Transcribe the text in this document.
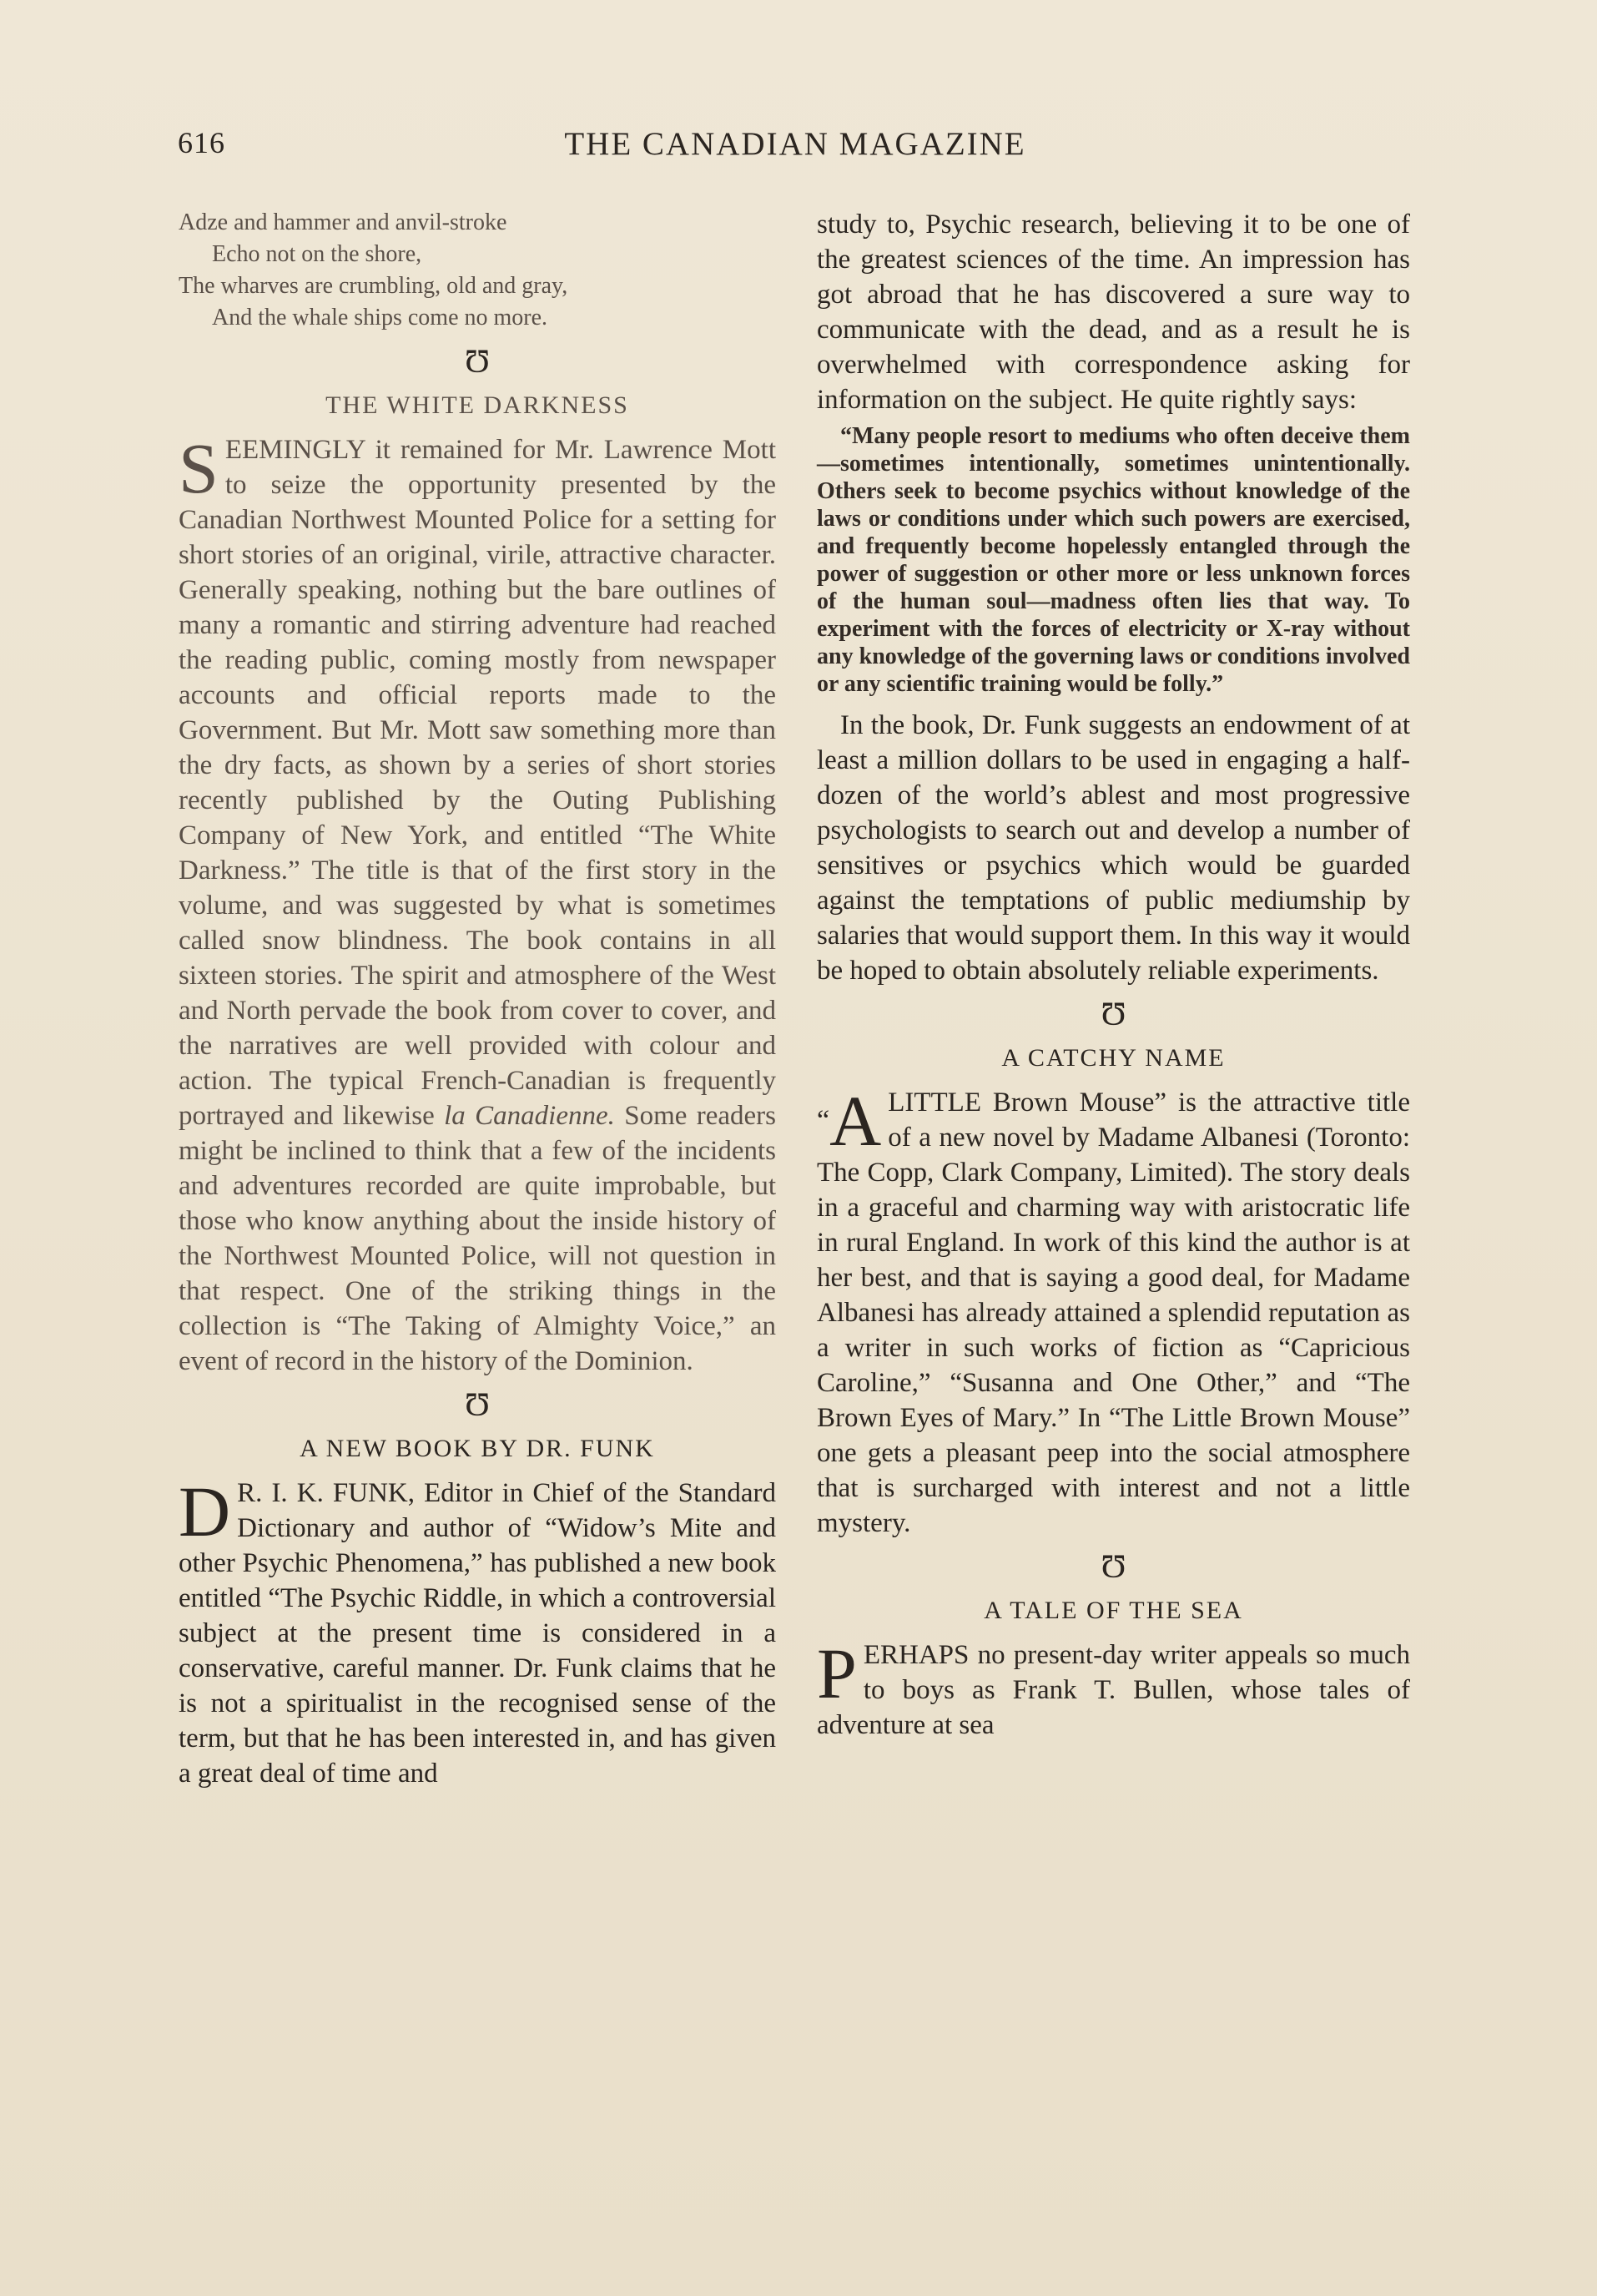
616	THE CANADIAN MAGAZINE
Adze and hammer and anvil-stroke
Echo not on the shore,
The wharves are crumbling, old and gray,
And the whale ships come no more.
Ʊ
THE WHITE DARKNESS

SEEMINGLY it remained for Mr. Lawrence Mott to seize the opportunity presented by the Canadian Northwest Mounted Police for a setting for short stories of an original, virile, attractive character. Generally speaking, nothing but the bare outlines of many a romantic and stirring adventure had reached the reading public, coming mostly from newspaper accounts and official reports made to the Government. But Mr. Mott saw something more than the dry facts, as shown by a series of short stories recently published by the Outing Publishing Company of New York, and entitled “The White Darkness.” The title is that of the first story in the volume, and was suggested by what is sometimes called snow blindness. The book contains in all sixteen stories. The spirit and atmosphere of the West and North pervade the book from cover to cover, and the narratives are well provided with colour and action. The typical French-Canadian is frequently portrayed and likewise la Canadienne. Some readers might be inclined to think that a few of the incidents and adventures recorded are quite improbable, but those who know anything about the inside history of the Northwest Mounted Police, will not question in that respect. One of the striking things in the collection is “The Taking of Almighty Voice,” an event of record in the history of the Dominion.

Ʊ
A NEW BOOK BY DR. FUNK

D R. I. K. FUNK, Editor in Chief of the Standard Dictionary and author of “Widow’s Mite and other Psychic Phenomena,” has published a new book entitled “The Psychic Riddle, in which a controversial subject at the present time is considered in a conservative, careful manner. Dr. Funk claims that he is not a spiritualist in the recognised sense of the term, but that he has been interested in, and has given a great deal of time and

study to, Psychic research, believing it to be one of the greatest sciences of the time. An impression has got abroad that he has discovered a sure way to communicate with the dead, and as a result he is overwhelmed with correspondence asking for information on the subject. He quite rightly says:

“Many people resort to mediums who often deceive them—sometimes intentionally, sometimes unintentionally. Others seek to become psychics without knowledge of the laws or conditions under which such powers are exercised, and frequently become hopelessly entangled through the power of suggestion or other more or less unknown forces of the human soul—madness often lies that way. To experiment with the forces of electricity or X-ray without any knowledge of the governing laws or conditions involved or any scientific training would be folly.”

In the book, Dr. Funk suggests an endowment of at least a million dollars to be used in engaging a half-dozen of the world’s ablest and most progressive psychologists to search out and develop a number of sensitives or psychics which would be guarded against the temptations of public mediumship by salaries that would support them. In this way it would be hoped to obtain absolutely reliable experiments.

Ʊ
A CATCHY NAME

“A LITTLE Brown Mouse” is the attractive title of a new novel by Madame Albanesi (Toronto: The Copp, Clark Company, Limited). The story deals in a graceful and charming way with aristocratic life in rural England. In work of this kind the author is at her best, and that is saying a good deal, for Madame Albanesi has already attained a splendid reputation as a writer in such works of fiction as “Capricious Caroline,” “Susanna and One Other,” and “The Brown Eyes of Mary.” In “The Little Brown Mouse” one gets a pleasant peep into the social atmosphere that is surcharged with interest and not a little mystery.

Ʊ
A TALE OF THE SEA

PERHAPS no present-day writer appeals so much to boys as Frank T. Bullen, whose tales of adventure at sea
